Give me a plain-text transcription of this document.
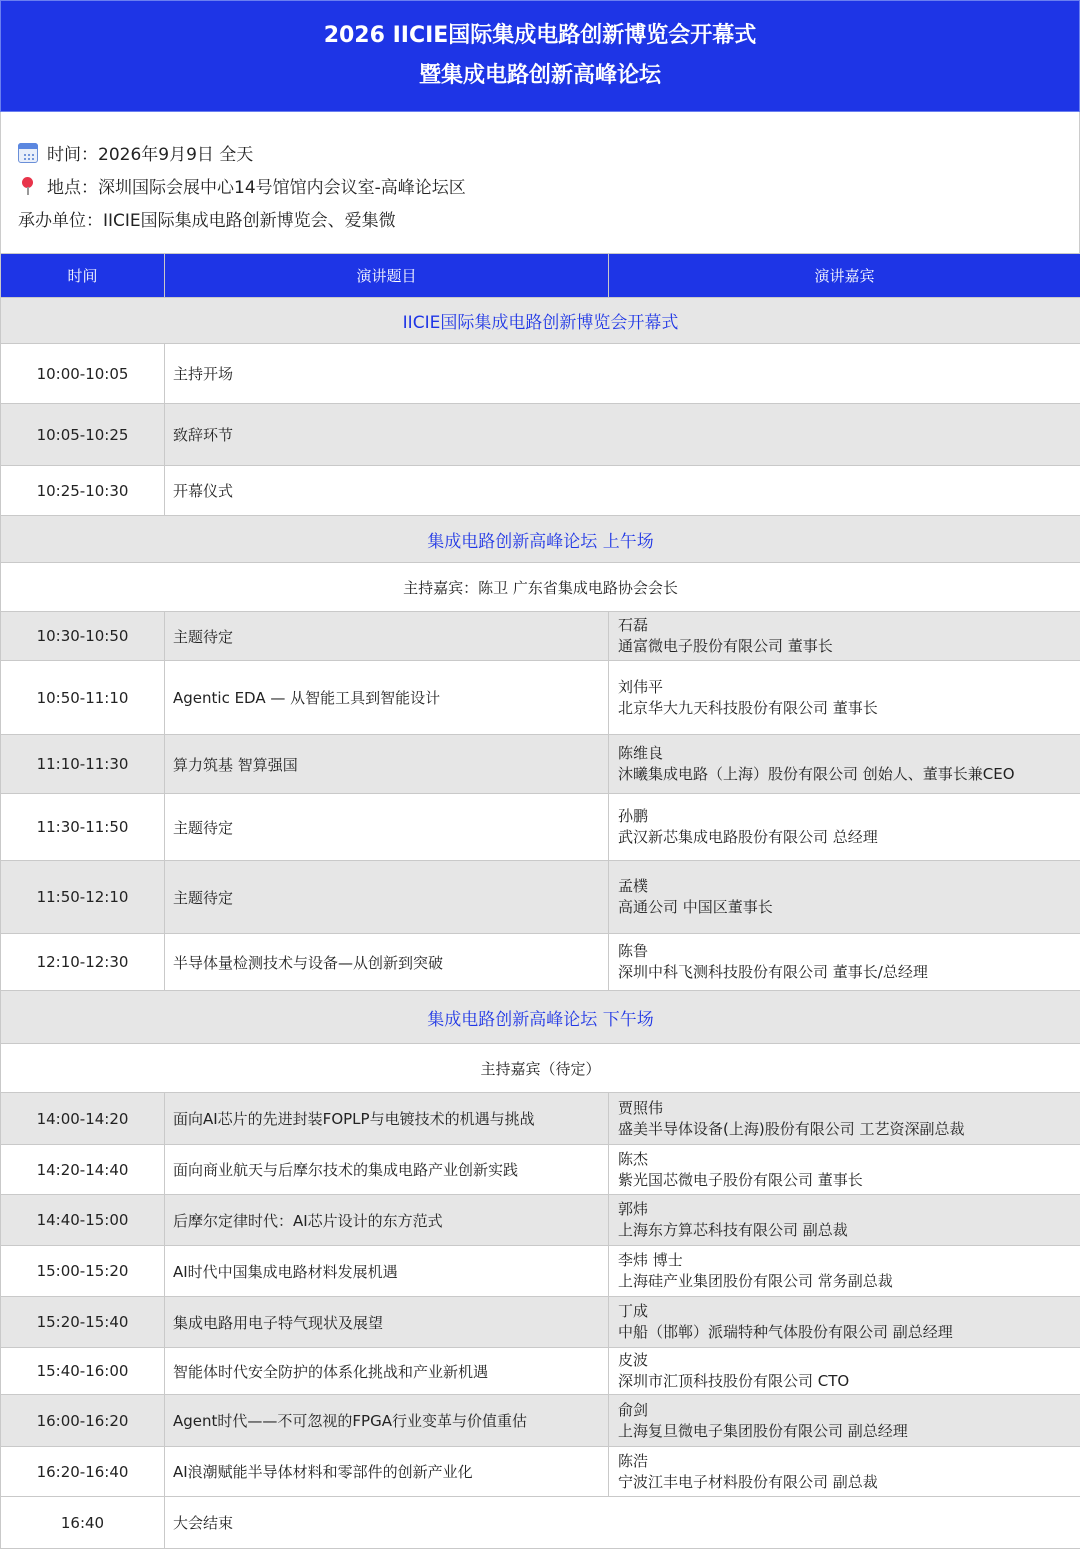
2026 IICIE国际集成电路创新博览会开幕式
暨集成电路创新高峰论坛
时间：2026年9月9日 全天
地点：深圳国际会展中心14号馆馆内会议室-高峰论坛区
承办单位：IICIE国际集成电路创新博览会、爱集微
时间	演讲题目	演讲嘉宾
IICIE国际集成电路创新博览会开幕式		
10:00-10:05	主持开场	
10:05-10:25	致辞环节	
10:25-10:30	开幕仪式	
集成电路创新高峰论坛 上午场		
主持嘉宾：陈卫 广东省集成电路协会会长		
10:30-10:50	主题待定	石磊
通富微电子股份有限公司 董事长

10:50-11:10	Agentic EDA — 从智能工具到智能设计	刘伟平
北京华大九天科技股份有限公司 董事长

11:10-11:30	算力筑基 智算强国	陈维良
沐曦集成电路（上海）股份有限公司 创始人、董事长兼CEO

11:30-11:50	主题待定	孙鹏
武汉新芯集成电路股份有限公司 总经理

11:50-12:10	主题待定	孟樸
高通公司 中国区董事长

12:10-12:30	半导体量检测技术与设备—从创新到突破	陈鲁
深圳中科飞测科技股份有限公司 董事长/总经理

集成电路创新高峰论坛 下午场		
主持嘉宾（待定）		
14:00-14:20	面向AI芯片的先进封装FOPLP与电镀技术的机遇与挑战	贾照伟
盛美半导体设备(上海)股份有限公司 工艺资深副总裁

14:20-14:40	面向商业航天与后摩尔技术的集成电路产业创新实践	陈杰
紫光国芯微电子股份有限公司 董事长

14:40-15:00	后摩尔定律时代：AI芯片设计的东方范式	郭炜
上海东方算芯科技有限公司 副总裁

15:00-15:20	AI时代中国集成电路材料发展机遇	李炜 博士
上海硅产业集团股份有限公司 常务副总裁

15:20-15:40	集成电路用电子特气现状及展望	丁成
中船（邯郸）派瑞特种气体股份有限公司 副总经理

15:40-16:00	智能体时代安全防护的体系化挑战和产业新机遇	皮波
深圳市汇顶科技股份有限公司 CTO

16:00-16:20	Agent时代——不可忽视的FPGA行业变革与价值重估	俞剑
上海复旦微电子集团股份有限公司 副总经理

16:20-16:40	AI浪潮赋能半导体材料和零部件的创新产业化	陈浩
宁波江丰电子材料股份有限公司 副总裁

16:40	大会结束	
